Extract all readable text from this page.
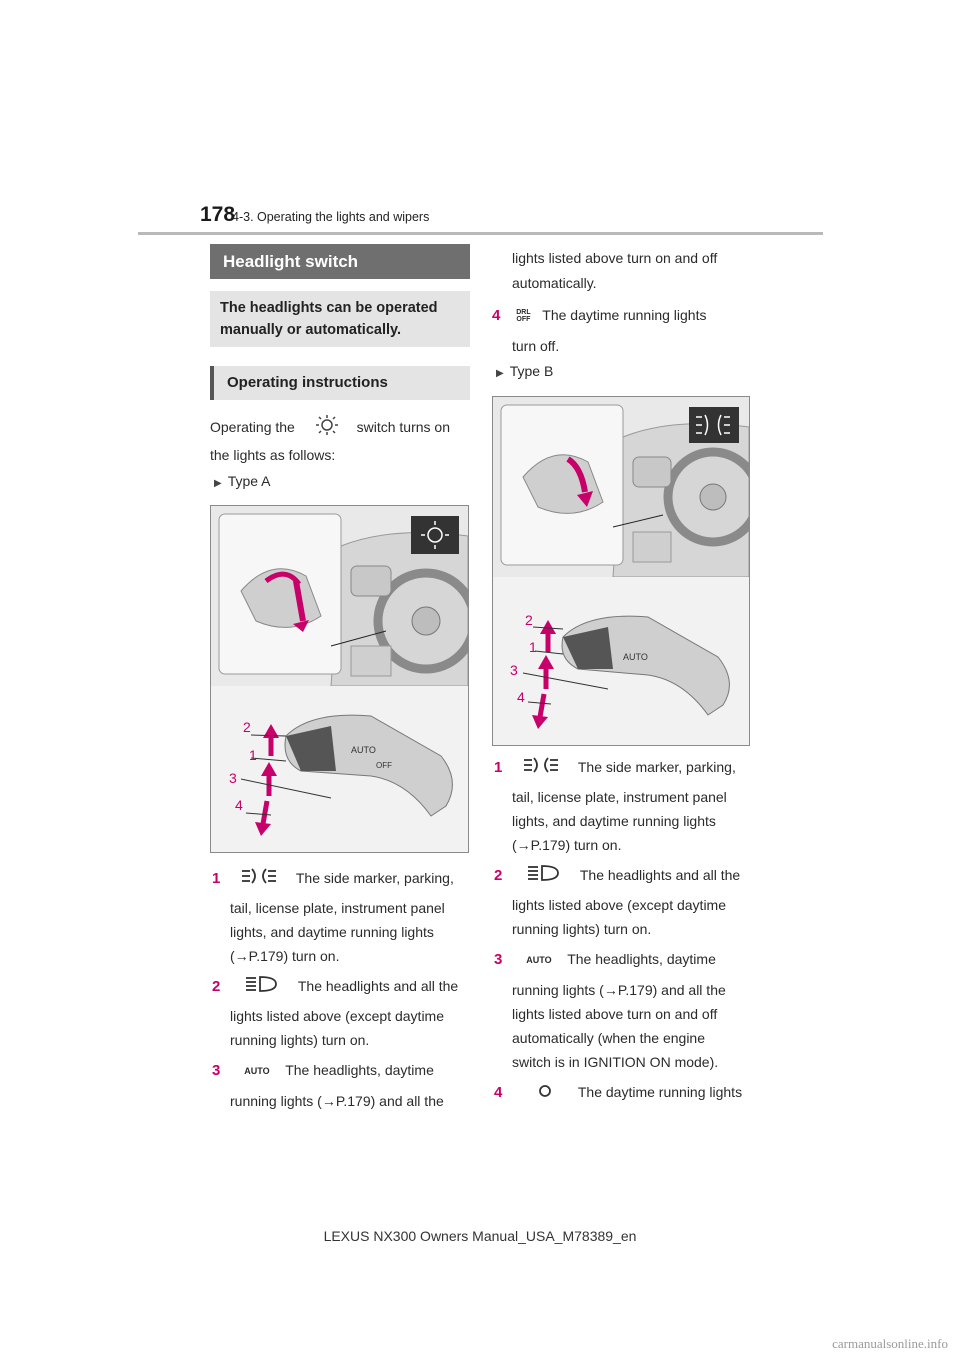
178
4-3. Operating the lights and wipers
Headlight switch
The headlights can be operated manually or automatically.
Operating instructions
Operating the	switch turns on
the lights as follows:
▶ Type A
AUTO
OFF
2
1
3
4
1	The side marker, parking,
tail, license plate, instrument panel
lights, and daytime running lights
(→P.179) turn on.
2	The headlights and all the
lights listed above (except daytime
running lights) turn on.
3	AUTO The headlights, daytime
running lights (→P.179) and all the
lights listed above turn on and off
automatically.
4 DRL
OFF The daytime running lights
turn off.
▶ Type B
AUTO
2
1
3
4
1	The side marker, parking,
tail, license plate, instrument panel
lights, and daytime running lights
(→P.179) turn on.
2	The headlights and all the
lights listed above (except daytime
running lights) turn on.
3	AUTO The headlights, daytime
running lights (→P.179) and all the
lights listed above turn on and off
automatically (when the engine
switch is in IGNITION ON mode).
4	The daytime running lights
LEXUS NX300 Owners Manual_USA_M78389_en
carmanualsonline.info
